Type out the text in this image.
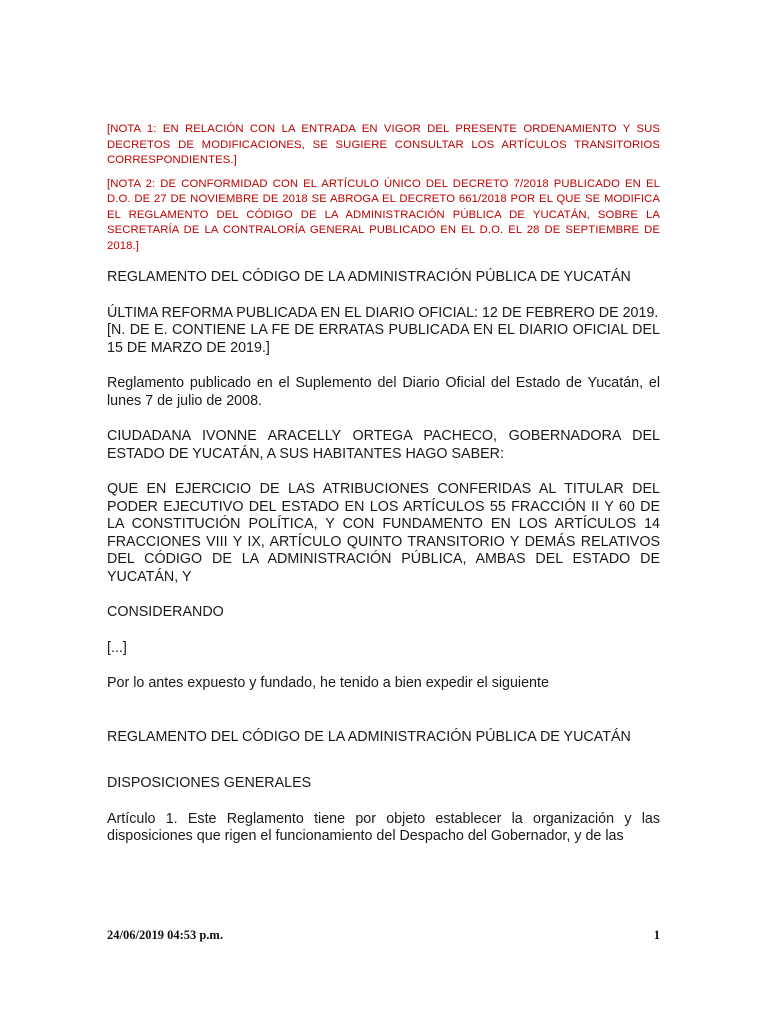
[NOTA 1: EN RELACIÓN CON LA ENTRADA EN VIGOR DEL PRESENTE ORDENAMIENTO Y SUS DECRETOS DE MODIFICACIONES, SE SUGIERE CONSULTAR LOS ARTÍCULOS TRANSITORIOS CORRESPONDIENTES.]

[NOTA 2: DE CONFORMIDAD CON EL ARTÍCULO ÚNICO DEL DECRETO 7/2018 PUBLICADO EN EL D.O. DE 27 DE NOVIEMBRE DE 2018 SE ABROGA EL DECRETO 661/2018 POR EL QUE SE MODIFICA EL REGLAMENTO DEL CÓDIGO DE LA ADMINISTRACIÓN PÚBLICA DE YUCATÁN, SOBRE LA SECRETARÍA DE LA CONTRALORÍA GENERAL PUBLICADO EN EL D.O. EL 28 DE SEPTIEMBRE DE 2018.]

REGLAMENTO DEL CÓDIGO DE LA ADMINISTRACIÓN PÚBLICA DE YUCATÁN

ÚLTIMA REFORMA PUBLICADA EN EL DIARIO OFICIAL: 12 DE FEBRERO DE 2019.

[N. DE E. CONTIENE LA FE DE ERRATAS PUBLICADA EN EL DIARIO OFICIAL DEL 15 DE MARZO DE 2019.]

Reglamento publicado en el Suplemento del Diario Oficial del Estado de Yucatán, el lunes 7 de julio de 2008.

CIUDADANA IVONNE ARACELLY ORTEGA PACHECO, GOBERNADORA DEL ESTADO DE YUCATÁN, A SUS HABITANTES HAGO SABER:

QUE EN EJERCICIO DE LAS ATRIBUCIONES CONFERIDAS AL TITULAR DEL PODER EJECUTIVO DEL ESTADO EN LOS ARTÍCULOS 55 FRACCIÓN II Y 60 DE LA CONSTITUCIÓN POLÍTICA, Y CON FUNDAMENTO EN LOS ARTÍCULOS 14 FRACCIONES VIII Y IX, ARTÍCULO QUINTO TRANSITORIO Y DEMÁS RELATIVOS DEL CÓDIGO DE LA ADMINISTRACIÓN PÚBLICA, AMBAS DEL ESTADO DE YUCATÁN, Y

CONSIDERANDO

[...]

Por lo antes expuesto y fundado, he tenido a bien expedir el siguiente

REGLAMENTO DEL CÓDIGO DE LA ADMINISTRACIÓN PÚBLICA DE YUCATÁN

DISPOSICIONES GENERALES

Artículo 1. Este Reglamento tiene por objeto establecer la organización y las disposiciones que rigen el funcionamiento del Despacho del Gobernador, y de las

24/06/2019 04:53 p.m.	1
